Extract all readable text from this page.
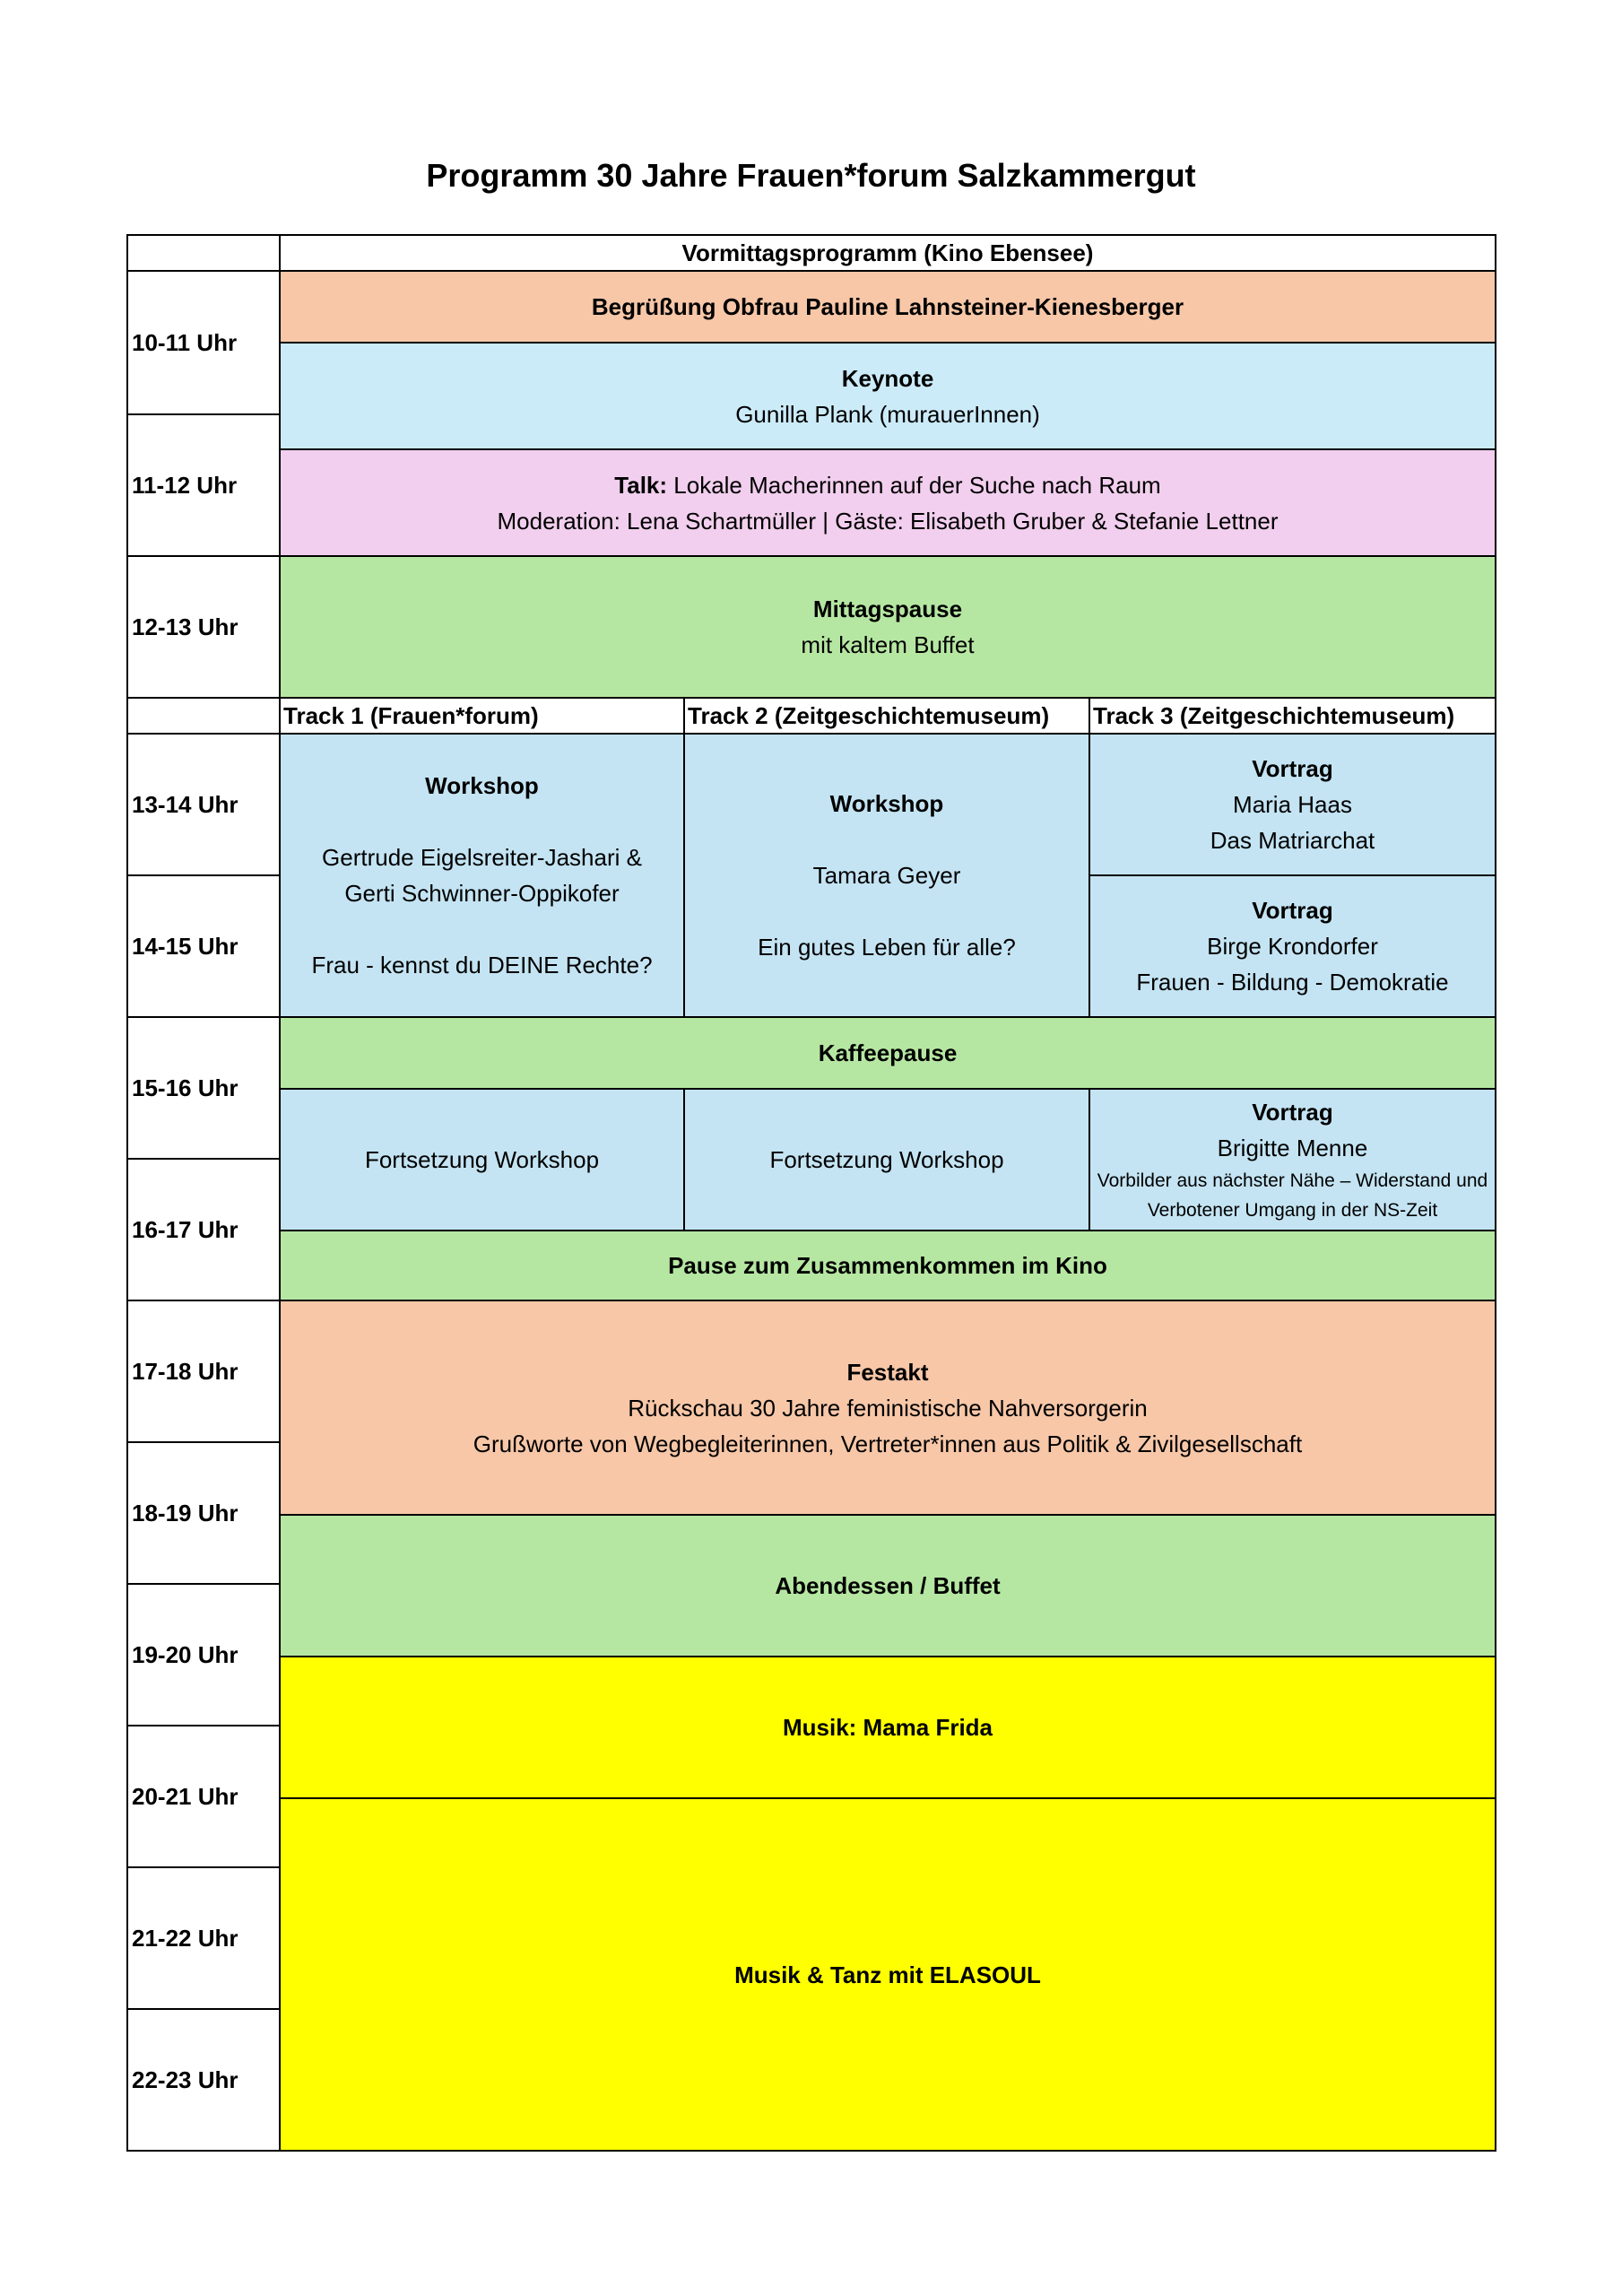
Programm 30 Jahre Frauen*forum Salzkammergut
10-11 Uhr
11-12 Uhr
12-13 Uhr
13-14 Uhr
14-15 Uhr
15-16 Uhr
16-17 Uhr
17-18 Uhr
18-19 Uhr
19-20 Uhr
20-21 Uhr
21-22 Uhr
22-23 Uhr
Vormittagsprogramm (Kino Ebensee)
Begrüßung Obfrau Pauline Lahnsteiner-Kienesberger
Keynote
Gunilla Plank (murauerInnen)
Talk: Lokale Macherinnen auf der Suche nach Raum
Moderation: Lena Schartmüller | Gäste: Elisabeth Gruber & Stefanie Lettner
Mittagspause
mit kaltem Buffet
Track 1 (Frauen*forum)	Track 2 (Zeitgeschichtemuseum) Track 3 (Zeitgeschichtemuseum)
Workshop
Gertrude Eigelsreiter-Jashari &
Gerti Schwinner-Oppikofer
Frau - kennst du DEINE Rechte?
Workshop
Tamara Geyer
Ein gutes Leben für alle?
Vortrag
Maria Haas
Das Matriarchat
Vortrag
Birge Krondorfer
Frauen - Bildung - Demokratie
Kaffeepause
Fortsetzung Workshop	Fortsetzung Workshop
Vortrag
Brigitte Menne
Vorbilder aus nächster Nähe – Widerstand und
Verbotener Umgang in der NS-Zeit
Pause zum Zusammenkommen im Kino
Festakt
Rückschau 30 Jahre feministische Nahversorgerin
Grußworte von Wegbegleiterinnen, Vertreter*innen aus Politik & Zivilgesellschaft
Abendessen / Buffet
Musik: Mama Frida
Musik & Tanz mit ELASOUL
